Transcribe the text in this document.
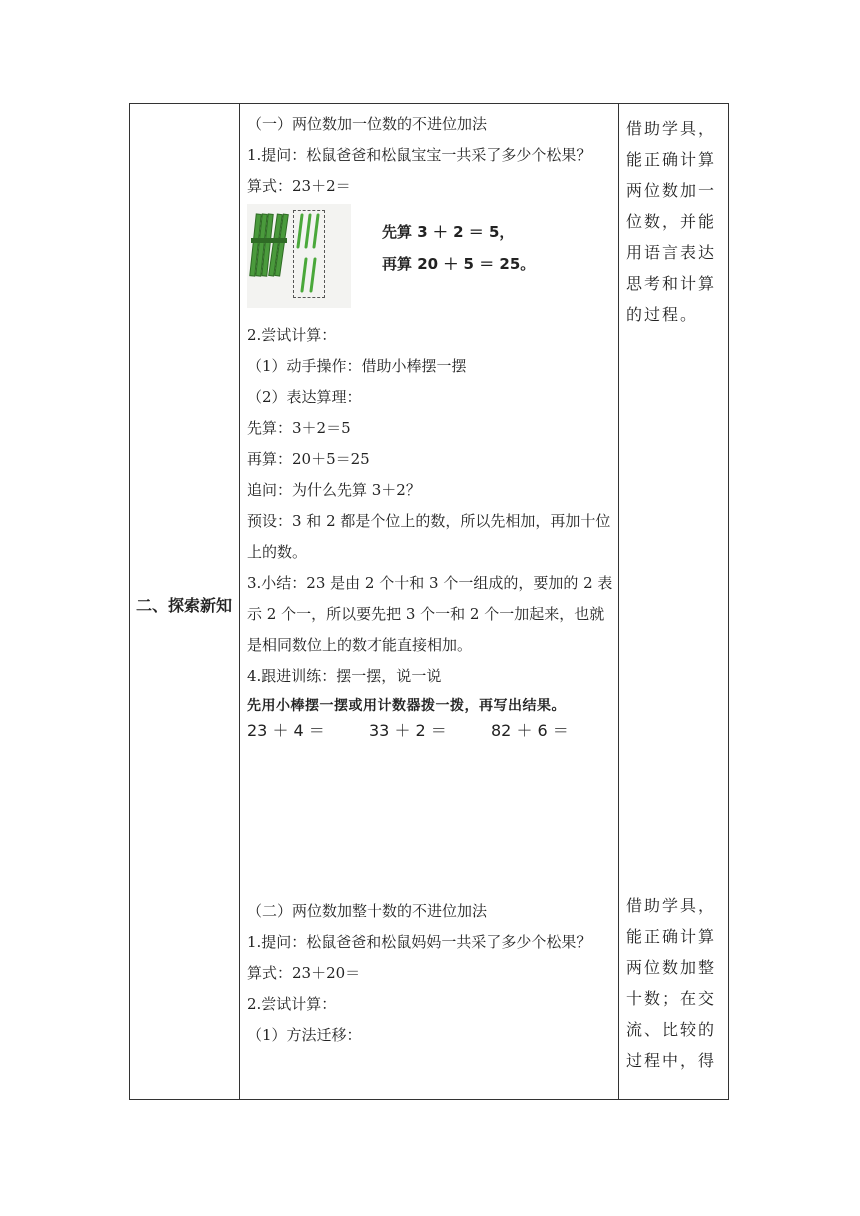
二、探索新知

（一）两位数加一位数的不进位加法

1.提问：松鼠爸爸和松鼠宝宝一共采了多少个松果？

算式：23＋2＝

先算 3 ＋ 2 ＝ 5，
再算 20 ＋ 5 ＝ 25。

2.尝试计算：

（1）动手操作：借助小棒摆一摆

（2）表达算理：

先算：3＋2＝5

再算：20＋5＝25

追问：为什么先算 3＋2？

预设：3 和 2 都是个位上的数，所以先相加，再加十位上的数。

3.小结：23 是由 2 个十和 3 个一组成的，要加的 2 表示 2 个一，所以要先把 3 个一和 2 个一加起来，也就是相同数位上的数才能直接相加。

4.跟进训练：摆一摆，说一说

先用小棒摆一摆或用计数器拨一拨，再写出结果。
23 ＋ 4 ＝	33 ＋ 2 ＝	82 ＋ 6 ＝

（二）两位数加整十数的不进位加法

1.提问：松鼠爸爸和松鼠妈妈一共采了多少个松果？

算式：23＋20＝

2.尝试计算：

（1）方法迁移：

借助学具，能正确计算两位数加一位数，并能用语言表达思考和计算的过程。

借助学具，能正确计算两位数加整十数；在交流、比较的过程中，得
